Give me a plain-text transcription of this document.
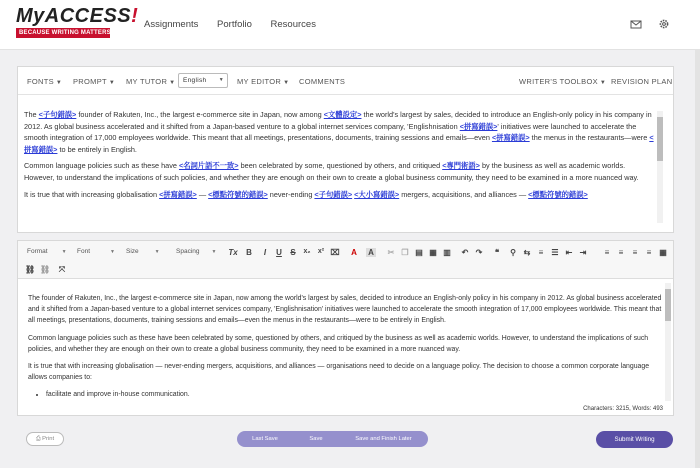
MyACCESS!
BECAUSE WRITING MATTERS
Assignments Portfolio Resources

FONTS ▼ PROMPT ▼ MY TUTOR ▼	English ▼ MY EDITOR ▼ COMMENTS	WRITER'S TOOLBOX ▼ REVISION PLAN

The <子句錯誤> founder of Rakuten, Inc., the largest e-commerce site in Japan, now among <文體設定> the world's largest by sales, decided to introduce an English-only policy in his company in 2012. As global business accelerated and it shifted from a Japan-based venture to a global internet services company, 'Englishnisation <拼寫錯誤>' initiatives were launched to accelerate the smooth integration of 17,000 employees worldwide. This meant that all meetings, presentations, documents, training sessions and emails—even <拼寫錯誤> the menus in the restaurants—were <拼寫錯誤> to be entirely in English.

Common language policies such as these have <名詞片語不一致> been celebrated by some, questioned by others, and critiqued <專門術語> by the business as well as academic worlds. However, to understand the implications of such policies, and whether they are enough on their own to create a global business community, they need to be examined in a more nuanced way.

It is true that with increasing globalisation <拼寫錯誤> — <標點符號的錯誤> never-ending <子句錯誤> <大小寫錯誤> mergers, acquisitions, and alliances — <標點符號的錯誤>

Format	▼ Font	▼ Size	▼	Spacing ▼ Tx B	I	U S	x₂ x² ⌧ A A ✂ ❐ ▤ ▦ ▥ ↶ ↷	❝	⚲ ⇆	≡	☰ ⇤ ⇥	≡	≡	≡	≡ ▦
⛓ ⛓ ⤧

The founder of Rakuten, Inc., the largest e-commerce site in Japan, now among the world's largest by sales, decided to introduce an English-only policy in his company in 2012. As global business accelerated and it shifted from a Japan-based venture to a global internet services company, 'Englishnisation' initiatives were launched to accelerate the smooth integration of 17,000 employees worldwide. This meant that all meetings, presentations, documents, training sessions and emails—even the menus in the restaurants—were to be entirely in English.

Common language policies such as these have been celebrated by some, questioned by others, and critiqued by the business as well as academic worlds. However, to understand the implications of such policies, and whether they are enough on their own to create a global business community, they need to be examined in a more nuanced way.

It is true that with increasing globalisation — never-ending mergers, acquisitions, and alliances — organisations need to decide on a language policy. The decision to choose a common corporate language allows companies to:

• facilitate and improve in-house communication.
Characters: 3215, Words: 493
⎙ Print	Last Save	Save	Save and Finish Later	Submit Writing
